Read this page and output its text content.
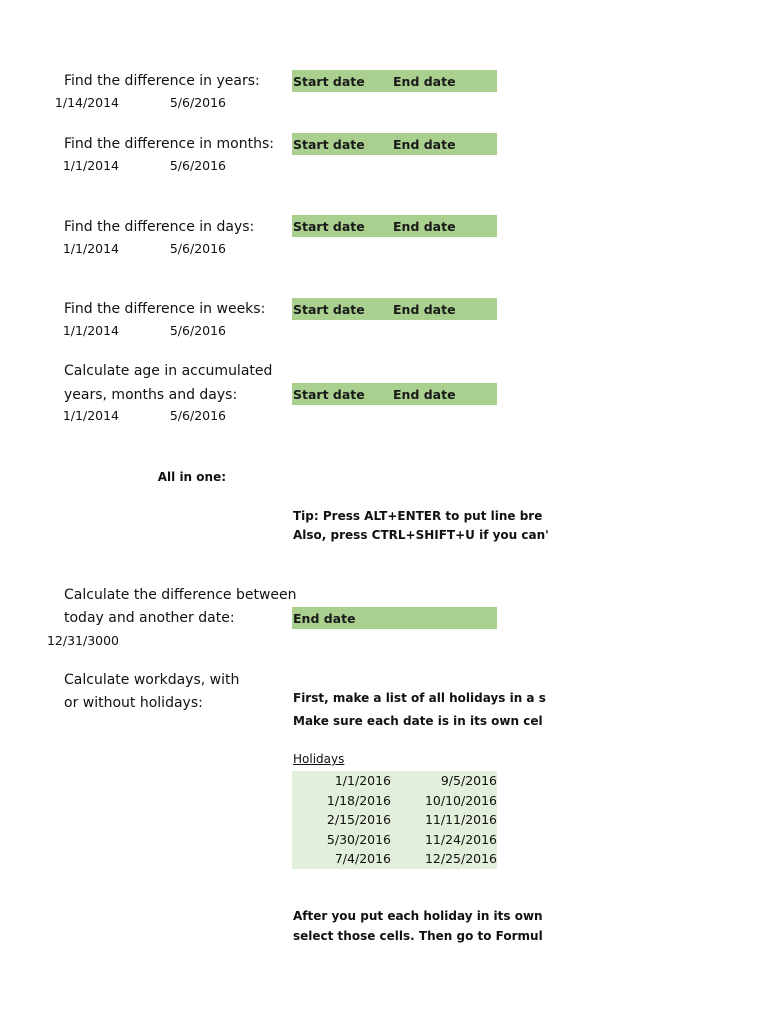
Find the difference in years:
Find the difference in months:
Find the difference in days:
Find the difference in weeks:
Calculate age in accumulated
years, months and days:
Calculate the difference between
today and another date:
Calculate workdays, with
or without holidays:
Start date End date
1/14/2014	5/6/2016
Start date End date
1/1/2014	5/6/2016
Start date End date
1/1/2014	5/6/2016
Start date End date
1/1/2014	5/6/2016
Start date End date
1/1/2014	5/6/2016
All in one:
Tip: Press ALT+ENTER to put line bre
Also, press CTRL+SHIFT+U if you can'
End date
12/31/3000
First, make a list of all holidays in a s
Make sure each date is in its own cel
Holidays
1/1/2016	9/5/2016
1/18/2016	10/10/2016
2/15/2016	11/11/2016
5/30/2016	11/24/2016
7/4/2016	12/25/2016
After you put each holiday in its own
select those cells. Then go to Formul
